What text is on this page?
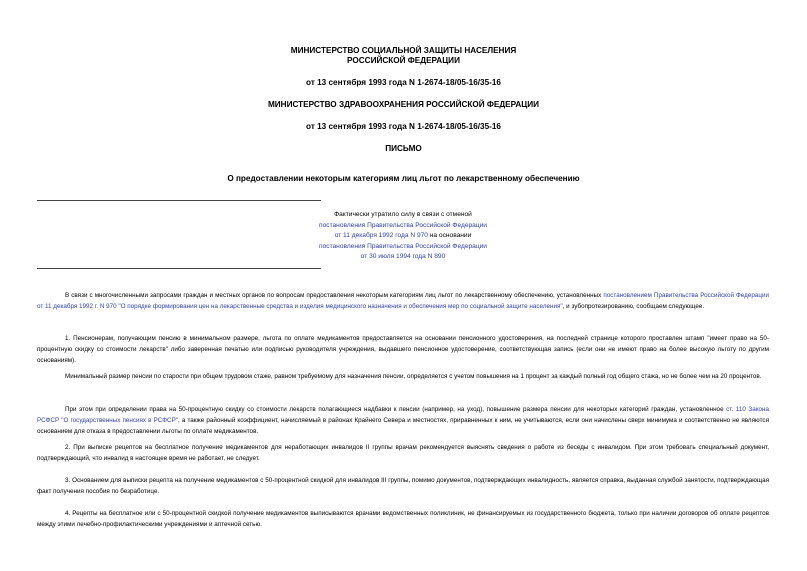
МИНИСТЕРСТВО СОЦИАЛЬНОЙ ЗАЩИТЫ НАСЕЛЕНИЯ
РОССИЙСКОЙ ФЕДЕРАЦИИ
от 13 сентября 1993 года N 1-2674-18/05-16/35-16
МИНИСТЕРСТВО ЗДРАВООХРАНЕНИЯ РОССИЙСКОЙ ФЕДЕРАЦИИ
от 13 сентября 1993 года N 1-2674-18/05-16/35-16
ПИСЬМО
О предоставлении некоторым категориям лиц льгот по лекарственному обеспечению
Фактически утратило силу в связи с отменой
постановления Правительства Российской Федерации
от 11 декабря 1992 года N 970 на основании
постановления Правительства Российской Федерации
от 30 июля 1994 года N 890
В связи с многочисленными запросами граждан и местных органов по вопросам предоставления некоторым категориям лиц льгот по лекарственному обеспечению, установленных постановлением Правительства Российской Федерации от 11 декабря 1992 г. N 970 "О порядке формирования цен на лекарственные средства и изделия медицинского назначения и обеспечения мер по социальной защите населения", и зубопротезированию, сообщаем следующее.
1. Пенсионерам, получающим пенсию в минимальном размере, льгота по оплате медикаментов предоставляется на основании пенсионного удостоверения, на последней странице которого проставлен штамп "имеет право на 50-процентную скидку со стоимости лекарств" либо заверенная печатью или подписью руководителя учреждения, выдавшего пенсионное удостоверение, соответствующая запись (если они не имеют право на более высокую льготу по другим основаниям).
Минимальный размер пенсии по старости при общем трудовом стаже, равном требуемому для назначения пенсии, определяется с учетом повышения на 1 процент за каждый полный год общего стажа, но не более чем на 20 процентов.
При этом при определении права на 50-процентную скидку со стоимости лекарств полагающиеся надбавки к пенсии (например, на уход), повышение размера пенсии для некоторых категорий граждан, установленное ст. 110 Закона РСФСР "О государственных пенсиях в РСФСР", а также районный коэффициент, начисляемый в районах Крайнего Севера и местностях, приравненных к ним, не учитываются, если они начислены сверх минимума и соответственно не являются основанием для отказа в предоставлении льготы по оплате медикаментов.
2. При выписке рецептов на бесплатное получение медикаментов для неработающих инвалидов II группы врачам рекомендуется выяснять сведения о работе из беседы с инвалидом. При этом требовать специальный документ, подтверждающий, что инвалид в настоящее время не работает, не следует.
3. Основанием для выписки рецепта на получение медикаментов с 50-процентной скидкой для инвалидов III группы, помимо документов, подтверждающих инвалидность, является справка, выданная службой занятости, подтверждающая факт получения пособия по безработице.
4. Рецепты на бесплатное или с 50-процентной скидкой получение медикаментов выписываются врачами ведомственных поликлиник, не финансируемых из государственного бюджета, только при наличии договоров об оплате рецептов между этими лечебно-профилактическими учреждениями и аптечной сетью.
